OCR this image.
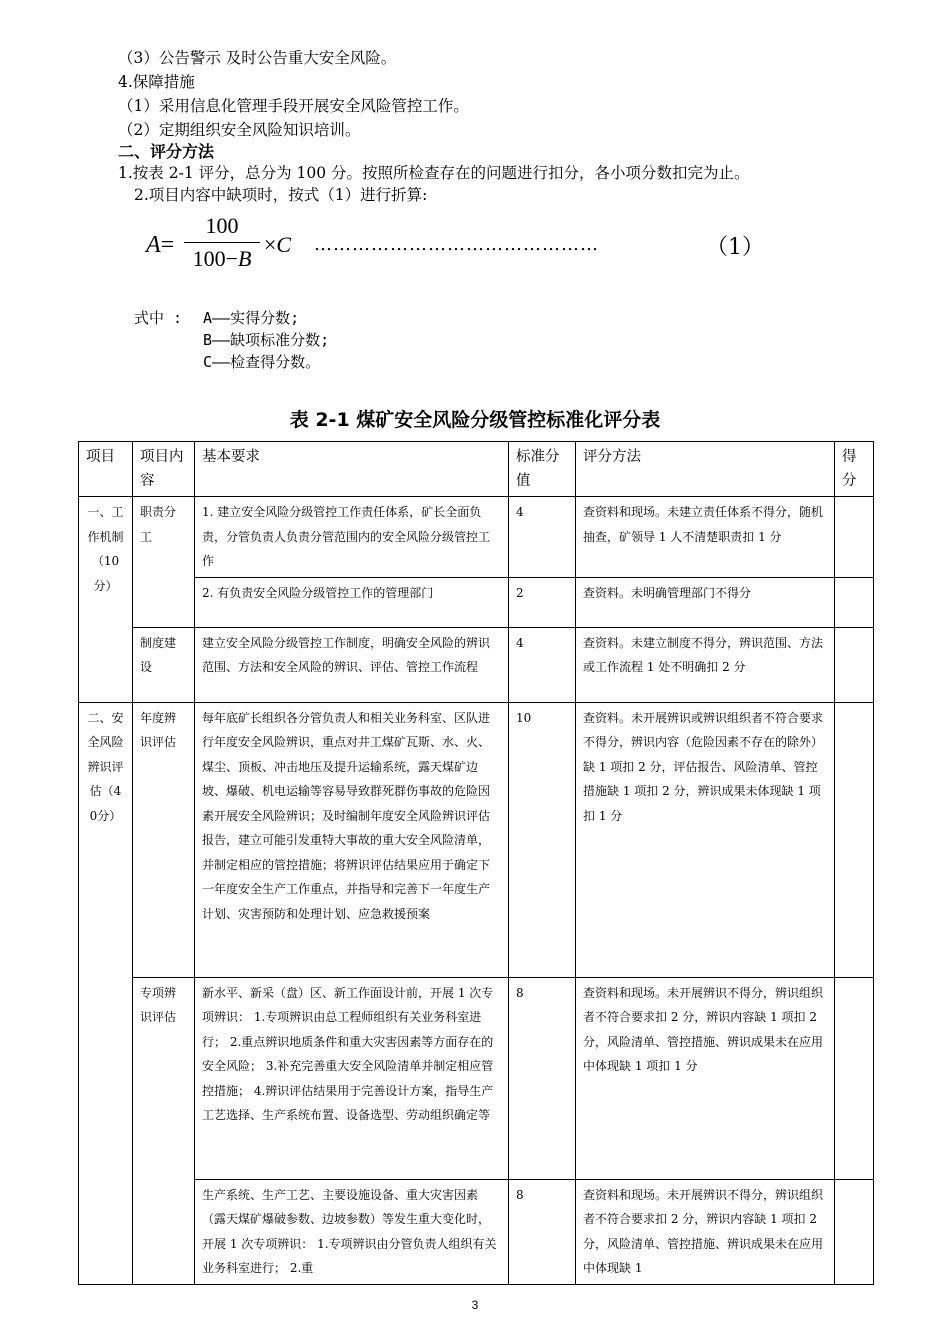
（3）公告警示 及时公告重大安全风险。
4.保障措施
（1）采用信息化管理手段开展安全风险管控工作。
（2）定期组织安全风险知识培训。
二、评分方法
1.按表 2-1 评分，总分为 100 分。按照所检查存在的问题进行扣分，各小项分数扣完为止。
2.项目内容中缺项时，按式（1）进行折算:
A=
100
100−B
×C ………………………………………	（1）
式中 : A——实得分数;
B——缺项标准分数;
C——检查得分数。
表 2-1 煤矿安全风险分级管控标准化评分表
项目	项目内容	基本要求	标准分值	评分方法	得分
一、工作机制（10分）	职责分工	1. 建立安全风险分级管控工作责任体系，矿长全面负责，分管负责人负责分管范围内的安全风险分级管控工作	4	查资料和现场。未建立责任体系不得分，随机抽查，矿领导 1 人不清楚职责扣 1 分	
		2. 有负责安全风险分级管控工作的管理部门	2	查资料。未明确管理部门不得分	
	制度建设	建立安全风险分级管控工作制度，明确安全风险的辨识范围、方法和安全风险的辨识、评估、管控工作流程	4	查资料。未建立制度不得分，辨识范围、方法或工作流程 1 处不明确扣 2 分	
二、安全风险辨识评估（40分）	年度辨识评估	每年底矿长组织各分管负责人和相关业务科室、区队进行年度安全风险辨识，重点对井工煤矿瓦斯、水、火、煤尘、顶板、冲击地压及提升运输系统，露天煤矿边坡、爆破、机电运输等容易导致群死群伤事故的危险因素开展安全风险辨识；及时编制年度安全风险辨识评估报告，建立可能引发重特大事故的重大安全风险清单，并制定相应的管控措施；将辨识评估结果应用于确定下一年度安全生产工作重点，并指导和完善下一年度生产计划、灾害预防和处理计划、应急救援预案	10	查资料。未开展辨识或辨识组织者不符合要求不得分，辨识内容（危险因素不存在的除外）缺 1 项扣 2 分，评估报告、风险清单、管控措施缺 1 项扣 2 分，辨识成果未体现缺 1 项扣 1 分	
	专项辨识评估	新水平、新采（盘）区、新工作面设计前，开展 1 次专项辨识： 1.专项辨识由总工程师组织有关业务科室进行； 2.重点辨识地质条件和重大灾害因素等方面存在的安全风险； 3.补充完善重大安全风险清单并制定相应管控措施； 4.辨识评估结果用于完善设计方案，指导生产工艺选择、生产系统布置、设备选型、劳动组织确定等	8	查资料和现场。未开展辨识不得分，辨识组织者不符合要求扣 2 分，辨识内容缺 1 项扣 2 分，风险清单、管控措施、辨识成果未在应用中体现缺 1 项扣 1 分	
		生产系统、生产工艺、主要设施设备、重大灾害因素（露天煤矿爆破参数、边坡参数）等发生重大变化时，开展 1 次专项辨识： 1.专项辨识由分管负责人组织有关业务科室进行； 2.重	8	查资料和现场。未开展辨识不得分，辨识组织者不符合要求扣 2 分，辨识内容缺 1 项扣 2 分，风险清单、管控措施、辨识成果未在应用中体现缺 1	
3
